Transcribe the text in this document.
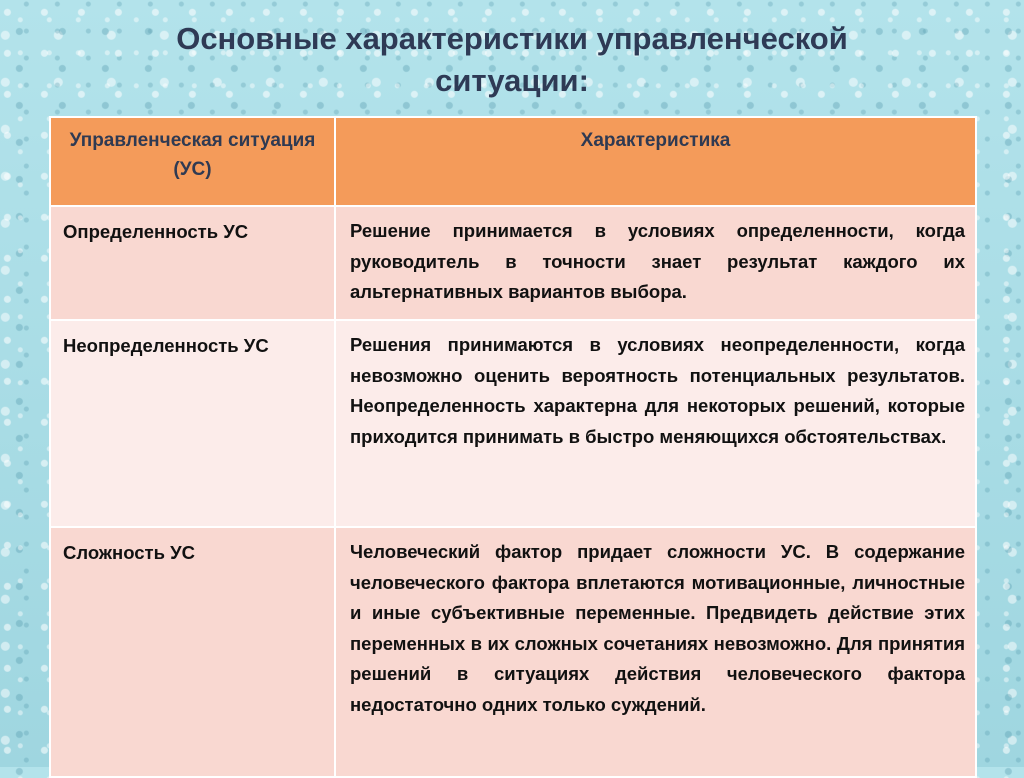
Основные характеристики управленческой
ситуации:
Управленческая ситуация (УС)	Характеристика
Определенность УС	Решение принимается в условиях определенности, когда руководитель в точности знает результат каждого их альтернативных вариантов выбора.
Неопределенность УС	Решения принимаются в условиях неопределенности, когда невозможно оценить вероятность потенциальных результатов. Неопределенность характерна для некоторых решений, которые приходится принимать в быстро меняющихся обстоятельствах.
Сложность УС	Человеческий фактор придает сложности УС. В содержание человеческого фактора вплетаются мотивационные, личностные и иные субъективные переменные. Предвидеть действие этих переменных в их сложных сочетаниях невозможно. Для принятия решений в ситуациях действия человеческого фактора недостаточно одних только суждений.
